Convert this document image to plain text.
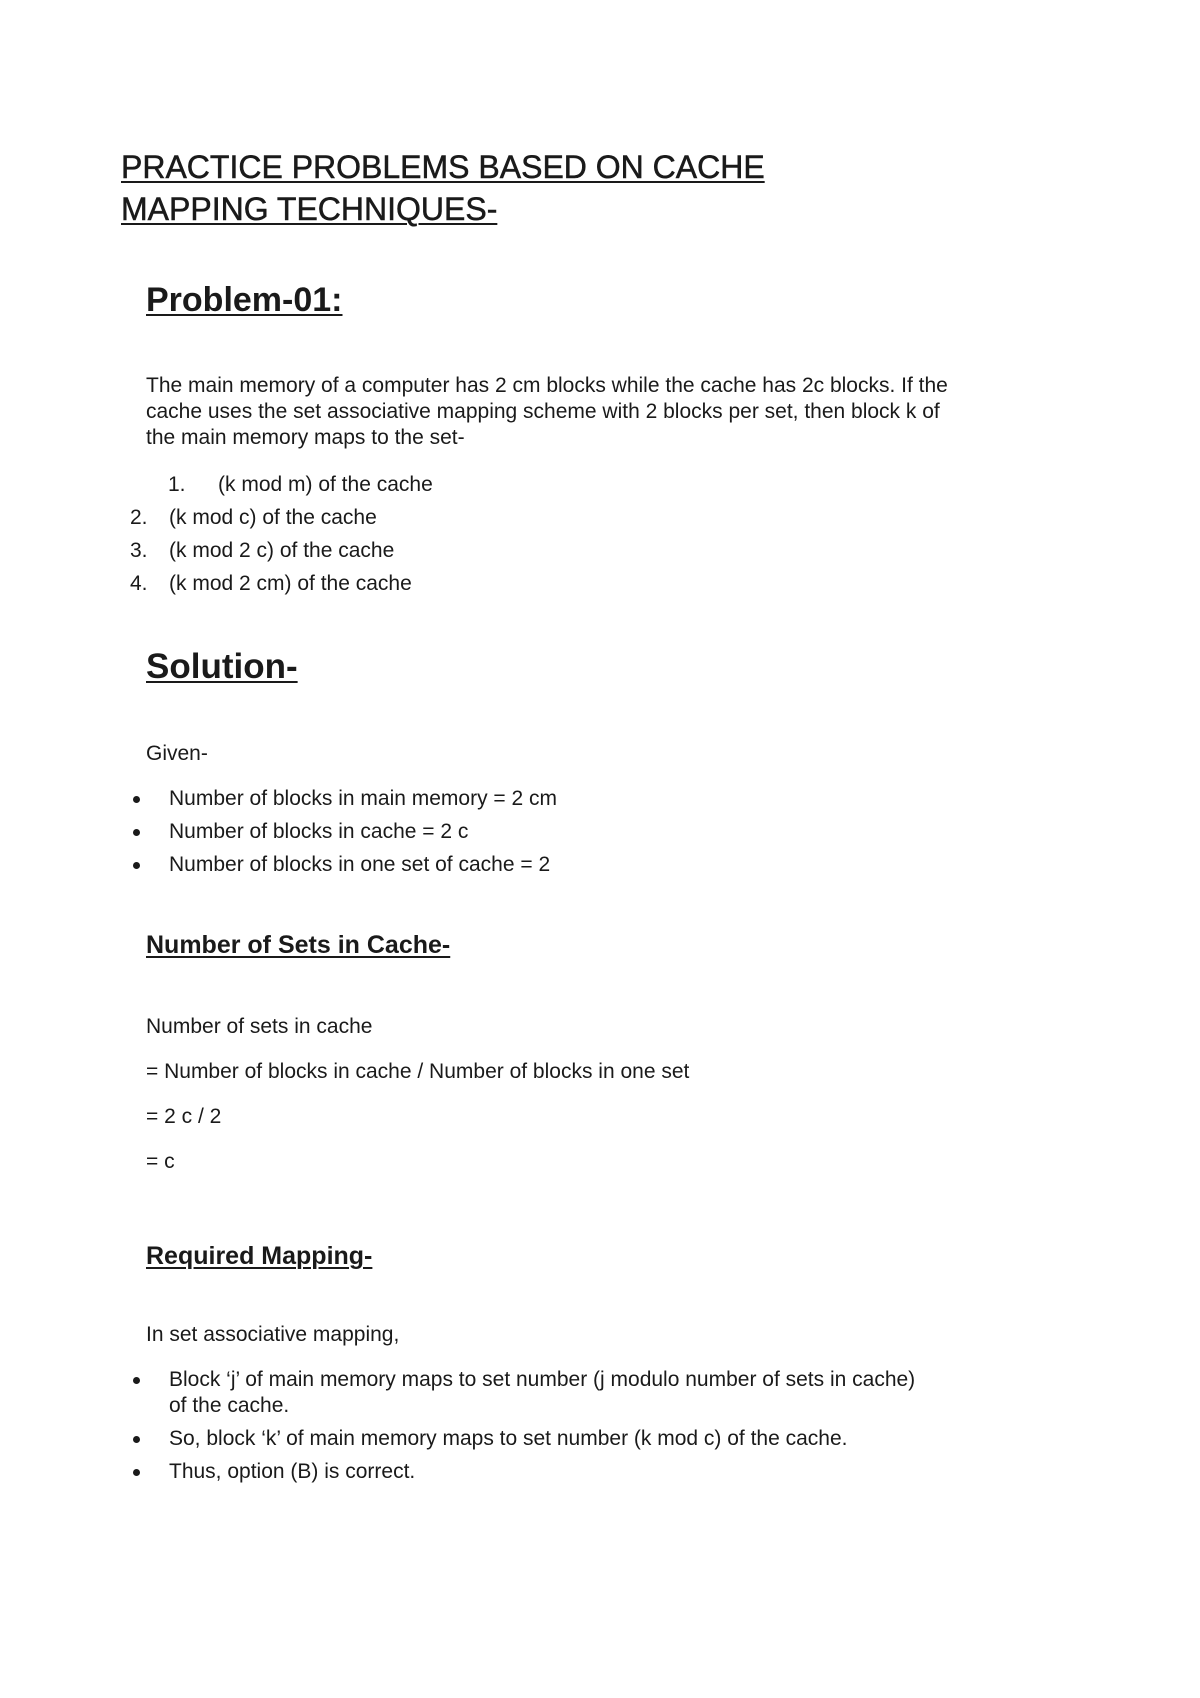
PRACTICE PROBLEMS BASED ON CACHE
MAPPING TECHNIQUES-
Problem-01:
The main memory of a computer has 2 cm blocks while the cache has 2c blocks. If the
cache uses the set associative mapping scheme with 2 blocks per set, then block k of
the main memory maps to the set-
1. (k mod m) of the cache
2. (k mod c) of the cache
3. (k mod 2 c) of the cache
4. (k mod 2 cm) of the cache
Solution-
Given-
Number of blocks in main memory = 2 cm
Number of blocks in cache = 2 c
Number of blocks in one set of cache = 2
Number of Sets in Cache-
Number of sets in cache
= Number of blocks in cache / Number of blocks in one set
= 2 c / 2
= c
Required Mapping-
In set associative mapping,
Block ‘j’ of main memory maps to set number (j modulo number of sets in cache)
of the cache.
So, block ‘k’ of main memory maps to set number (k mod c) of the cache.
Thus, option (B) is correct.
